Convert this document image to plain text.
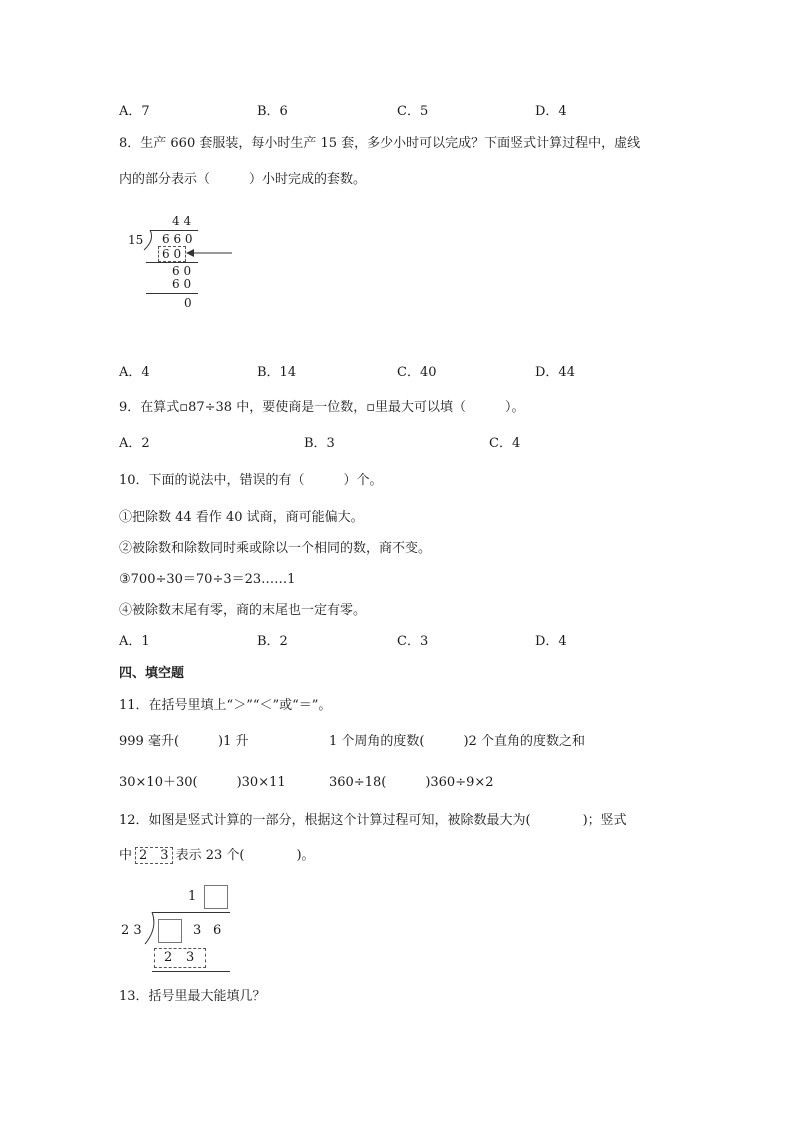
A．7	B．6	C．5	D．4
8．生产 660 套服装，每小时生产 15 套，多少小时可以完成？下面竖式计算过程中，虚线
内的部分表示（　　　）小时完成的套数。
4 4
15 6 6 0
6 0
6 0
6 0
0
A．4	B．14	C．40	D．44
9．在算式▫87÷38 中，要使商是一位数，▫里最大可以填（　　　）。
A．2	B．3	C．4
10．下面的说法中，错误的有（　　　）个。
①把除数 44 看作 40 试商，商可能偏大。
②被除数和除数同时乘或除以一个相同的数，商不变。
③700÷30＝70÷3＝23……1
④被除数末尾有零，商的末尾也一定有零。
A．1	B．2	C．3	D．4
四、填空题
11．在括号里填上“＞”“＜”或“＝”。
999 毫升(　　　)1 升	1 个周角的度数(　　　)2 个直角的度数之和
30×10＋30(　　　)30×11	360÷18(　　　)360÷9×2
12．如图是竖式计算的一部分，根据这个计算过程可知，被除数最大为(　　　　)；竖式
中 2　3 表示 23 个(　　　　)。
1
2 3	3 6
2 3
13．括号里最大能填几？
